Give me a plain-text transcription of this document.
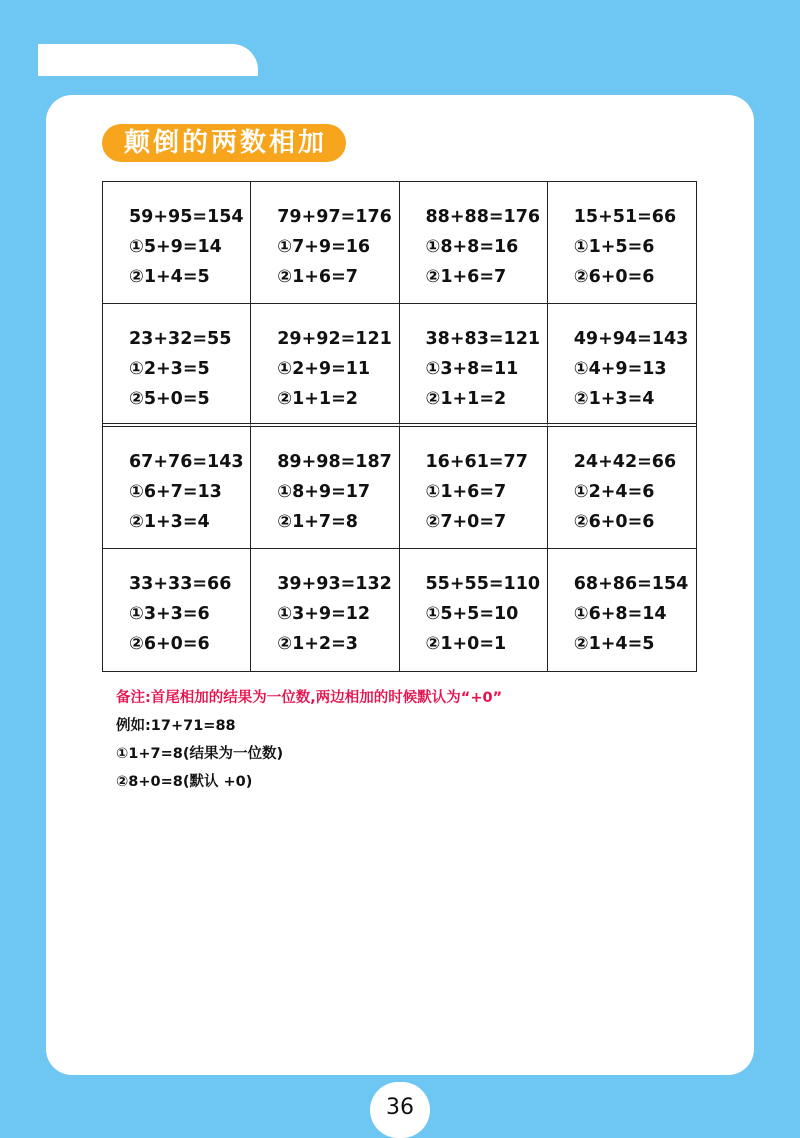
颠倒的两数相加
59+95=154
①5+9=14
②1+4=5
79+97=176
①7+9=16
②1+6=7
88+88=176
①8+8=16
②1+6=7
15+51=66
①1+5=6
②6+0=6
23+32=55
①2+3=5
②5+0=5
29+92=121
①2+9=11
②1+1=2
38+83=121
①3+8=11
②1+1=2
49+94=143
①4+9=13
②1+3=4
67+76=143
①6+7=13
②1+3=4
89+98=187
①8+9=17
②1+7=8
16+61=77
①1+6=7
②7+0=7
24+42=66
①2+4=6
②6+0=6
33+33=66
①3+3=6
②6+0=6
39+93=132
①3+9=12
②1+2=3
55+55=110
①5+5=10
②1+0=1
68+86=154
①6+8=14
②1+4=5
备注:首尾相加的结果为一位数,两边相加的时候默认为“+0”
例如:17+71=88
①1+7=8(结果为一位数)
②8+0=8(默认 +0)
36
